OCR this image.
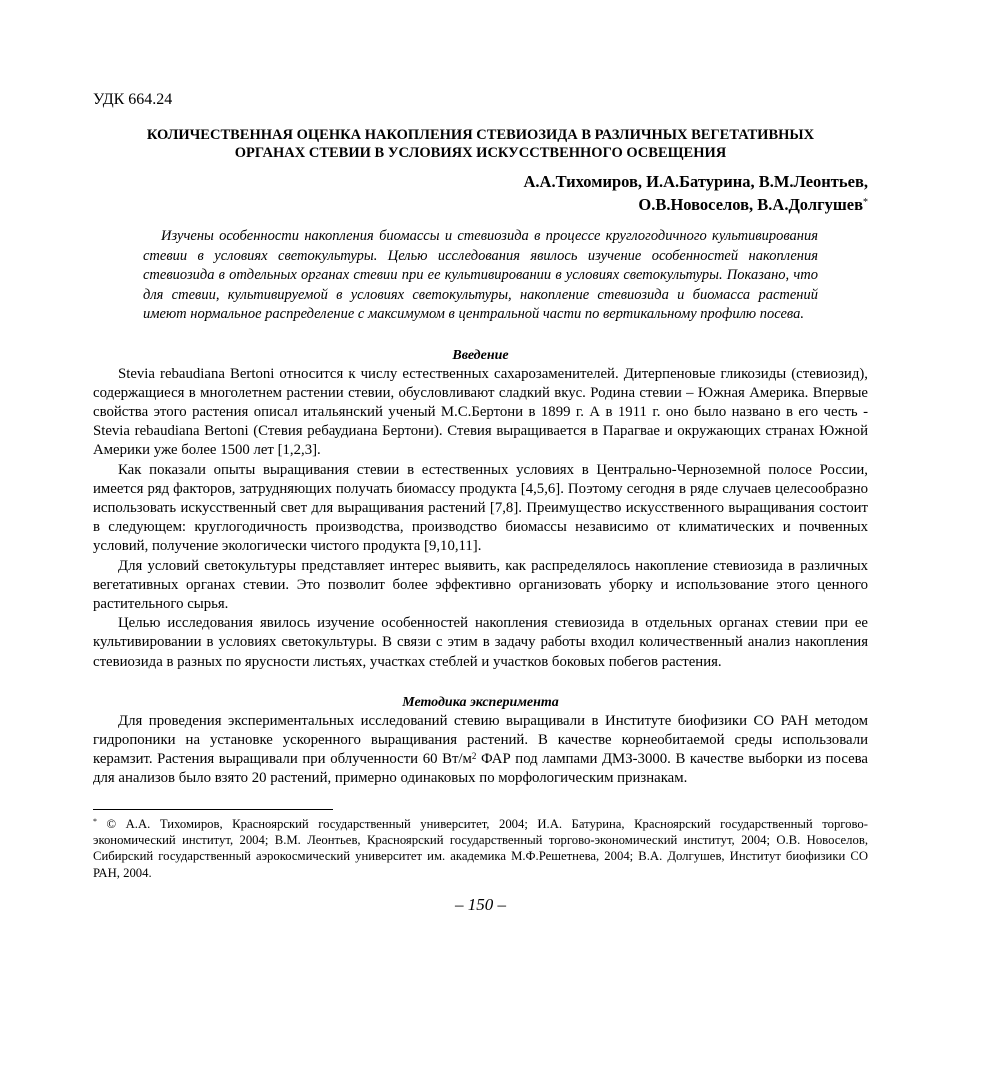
УДК 664.24

КОЛИЧЕСТВЕННАЯ ОЦЕНКА НАКОПЛЕНИЯ СТЕВИОЗИДА В РАЗЛИЧНЫХ ВЕГЕТАТИВНЫХ

ОРГАНАХ СТЕВИИ В УСЛОВИЯХ ИСКУССТВЕННОГО ОСВЕЩЕНИЯ

А.А.Тихомиров, И.А.Батурина, В.М.Леонтьев,
О.В.Новоселов, В.А.Долгушев*

Изучены особенности накопления биомассы и стевиозида в процессе круглогодичного культивирования стевии в условиях светокультуры. Целью исследования явилось изучение особенностей накопления стевиозида в отдельных органах стевии при ее культивировании в условиях светокультуры. Показано, что для стевии, культивируемой в условиях светокультуры, накопление стевиозида и биомасса растений имеют нормальное распределение с максимумом в центральной части по вертикальному профилю посева.

Введение

Stevia rebaudiana Bertoni относится к числу естественных сахарозаменителей. Дитерпеновые гликозиды (стевиозид), содержащиеся в многолетнем растении стевии, обусловливают сладкий вкус. Родина стевии – Южная Америка. Впервые свойства этого растения описал итальянский ученый М.С.Бертони в 1899 г. А в 1911 г. оно было названо в его честь - Stevia rebaudiana Bertoni (Стевия ребаудиана Бертони). Стевия выращивается в Парагвае и окружающих странах Южной Америки уже более 1500 лет [1,2,3].

Как показали опыты выращивания стевии в естественных условиях в Центрально-Черноземной полосе России, имеется ряд факторов, затрудняющих получать биомассу продукта [4,5,6]. Поэтому сегодня в ряде случаев целесообразно использовать искусственный свет для выращивания растений [7,8]. Преимущество искусственного выращивания состоит в следующем: круглогодичность производства, производство биомассы независимо от климатических и почвенных условий, получение экологически чистого продукта [9,10,11].

Для условий светокультуры представляет интерес выявить, как распределялось накопление стевиозида в различных вегетативных органах стевии. Это позволит более эффективно организовать уборку и использование этого ценного растительного сырья.

Целью исследования явилось изучение особенностей накопления стевиозида в отдельных органах стевии при ее культивировании в условиях светокультуры. В связи с этим в задачу работы входил количественный анализ накопления стевиозида в разных по ярусности листьях, участках стеблей и участков боковых побегов растения.

Методика эксперимента

Для проведения экспериментальных исследований стевию выращивали в Институте биофизики СО РАН методом гидропоники на установке ускоренного выращивания растений. В качестве корнеобитаемой среды использовали керамзит. Растения выращивали при облученности 60 $Вт/м^2$ ФАР под лампами ДМЗ-3000. В качестве выборки из посева для анализов было взято 20 растений, примерно одинаковых по морфологическим признакам.

* © А.А. Тихомиров, Красноярский государственный университет, 2004; И.А. Батурина, Красноярский государственный торгово-экономический институт, 2004; В.М. Леонтьев, Красноярский государственный торгово-экономический институт, 2004; О.В. Новоселов, Сибирский государственный аэрокосмический университет им. академика М.Ф.Решетнева, 2004; В.А. Долгушев, Институт биофизики СО РАН, 2004.

– 150 –
